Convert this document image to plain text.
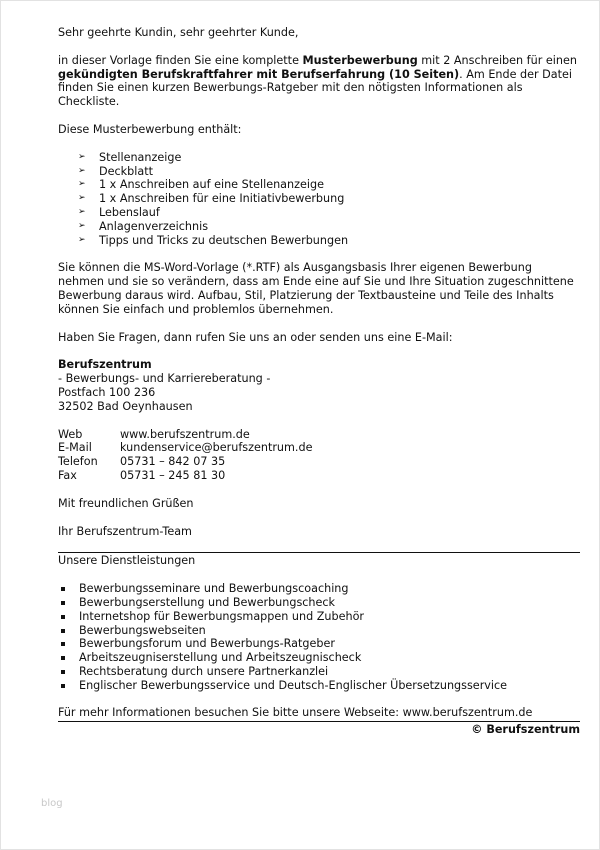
Sehr geehrte Kundin, sehr geehrter Kunde,

in dieser Vorlage finden Sie eine komplette Musterbewerbung mit 2 Anschreiben für einen gekündigten Berufskraftfahrer mit Berufserfahrung (10 Seiten). Am Ende der Datei finden Sie einen kurzen Bewerbungs-Ratgeber mit den nötigsten Informationen als Checkliste.

Diese Musterbewerbung enthält:

➢ Stellenanzeige
➢ Deckblatt
➢ 1 x Anschreiben auf eine Stellenanzeige
➢ 1 x Anschreiben für eine Initiativbewerbung
➢ Lebenslauf
➢ Anlagenverzeichnis
➢ Tipps und Tricks zu deutschen Bewerbungen

Sie können die MS-Word-Vorlage (*.RTF) als Ausgangsbasis Ihrer eigenen Bewerbung nehmen und sie so verändern, dass am Ende eine auf Sie und Ihre Situation zugeschnittene Bewerbung daraus wird. Aufbau, Stil, Platzierung der Textbausteine und Teile des Inhalts können Sie einfach und problemlos übernehmen.

Haben Sie Fragen, dann rufen Sie uns an oder senden uns eine E-Mail:

Berufszentrum

- Bewerbungs- und Karriereberatung -

Postfach 100 236

32502 Bad Oeynhausen

Web	www.berufszentrum.de
E-Mail	kundenservice@berufszentrum.de
Telefon	05731 – 842 07 35
Fax	05731 – 245 81 30

Mit freundlichen Grüßen

Ihr Berufszentrum-Team

Unsere Dienstleistungen

Bewerbungsseminare und Bewerbungscoaching
Bewerbungserstellung und Bewerbungscheck
Internetshop für Bewerbungsmappen und Zubehör
Bewerbungswebseiten
Bewerbungsforum und Bewerbungs-Ratgeber
Arbeitszeugniserstellung und Arbeitszeugnischeck
Rechtsberatung durch unsere Partnerkanzlei
Englischer Bewerbungsservice und Deutsch-Englischer Übersetzungsservice

Für mehr Informationen besuchen Sie bitte unsere Webseite: www.berufszentrum.de

© Berufszentrum

blog
